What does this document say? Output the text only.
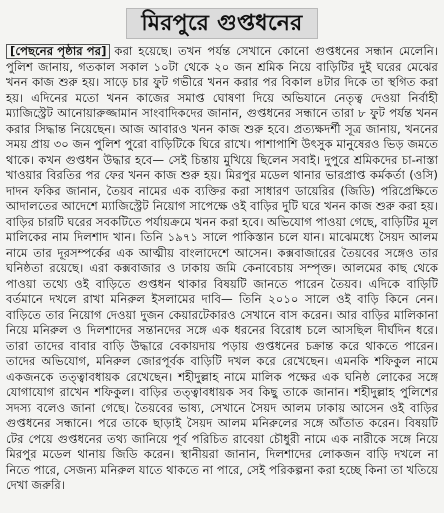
মিরপুরে গুপ্তধনের
[পেছনের পৃষ্ঠার পর] করা হয়েছে। তখন পর্যন্ত সেখানে কোনো গুপ্তধনের সন্ধান মেলেনি। পুলিশ জানায়, গতকাল সকাল ১০টা থেকে ২০ জন শ্রমিক নিয়ে বাড়িটির দুই ঘরের মেঝের খনন কাজ শুরু হয়। সাড়ে চার ফুট গভীরে খনন করার পর বিকাল ৪টার দিকে তা স্থগিত করা হয়। এদিনের মতো খনন কাজের সমাপ্ত ঘোষণা দিয়ে অভিযানে নেতৃত্ব দেওয়া নির্বাহী ম্যাজিস্ট্রেট আনোয়ারুজ্জামান সাংবাদিকদের জানান, গুপ্তধনের সন্ধানে তারা ৮ ফুট পর্যন্ত খনন করার সিদ্ধান্ত নিয়েছেন। আজ আবারও খনন কাজ শুরু হবে। প্রত্যক্ষদর্শী সূত্র জানায়, খননের সময় প্রায় ৩০ জন পুলিশ পুরো বাড়িটিকে ঘিরে রাখে। পাশাপাশি উৎসুক মানুষেরও ভিড় জমতে থাকে। কখন গুপ্তধন উদ্ধার হবে— সেই চিন্তায় মুখিয়ে ছিলেন সবাই। দুপুরে শ্রমিকদের চা-নাস্তা খাওয়ার বিরতির পর ফের খনন কাজ শুরু হয়। মিরপুর মডেল থানার ভারপ্রাপ্ত কর্মকর্তা (ওসি) দাদন ফকির জানান, তৈয়ব নামের এক ব্যক্তির করা সাধারণ ডায়েরির (জিডি) পরিপ্রেক্ষিতে আদালতের আদেশে ম্যাজিস্ট্রেট নিয়োগ সাপেক্ষে ওই বাড়ির দুটি ঘরে খনন কাজ শুরু করা হয়। বাড়ির চারটি ঘরের সবকটিতে পর্যায়ক্রমে খনন করা হবে। অভিযোগ পাওয়া গেছে, বাড়িটির মূল মালিকের নাম দিলশাদ খান। তিনি ১৯৭১ সালে পাকিস্তান চলে যান। মাঝেমধ্যে সৈয়দ আলম নামে তার দূরসম্পর্কের এক আত্মীয় বাংলাদেশে আসেন। কক্সবাজারের তৈয়বের সঙ্গেও তার ঘনিষ্ঠতা রয়েছে। এরা কক্সবাজার ও ঢাকায় জমি কেনাবেচায় সম্পৃক্ত। আলমের কাছ থেকে পাওয়া তথ্যে ওই বাড়িতে গুপ্তধন থাকার বিষয়টি জানতে পারেন তৈয়ব। এদিকে বাড়িটি বর্তমানে দখলে রাখা মনিরুল ইসলামের দাবি— তিনি ২০১০ সালে ওই বাড়ি কিনে নেন। বাড়িতে তার নিয়োগ দেওয়া দুজন কেয়ারটেকারও সেখানে বাস করেন। আর বাড়ির মালিকানা নিয়ে মনিরুল ও দিলশাদের সন্তানদের সঙ্গে এক ধরনের বিরোধ চলে আসছিল দীর্ঘদিন ধরে। তারা তাদের বাবার বাড়ি উদ্ধারে বেকায়দায় পড়ায় গুপ্তধনের চক্রান্ত করে থাকতে পারেন। তাদের অভিযোগ, মনিরুল জোরপূর্বক বাড়িটি দখল করে রেখেছেন। এমনকি শফিকুল নামে একজনকে তত্ত্বাবধায়ক রেখেছেন। শহীদুল্লাহ নামে মালিক পক্ষের এক ঘনিষ্ঠ লোকের সঙ্গে যোগাযোগ রাখেন শফিকুল। বাড়ির তত্ত্বাবধায়ক সব কিছু তাকে জানান। শহীদুল্লাহ পুলিশের সদস্য বলেও জানা গেছে। তৈয়বের ভাষ্য, সেখানে সৈয়দ আলম ঢাকায় আসেন ওই বাড়ির গুপ্তধনের সন্ধানে। পরে তাকে ছাড়াই সৈয়দ আলম মনিরুলের সঙ্গে আঁতাত করেন। বিষয়টি টের পেয়ে গুপ্তধনের তথ্য জানিয়ে পূর্ব পরিচিত রাবেয়া চৌধুরী নামে এক নারীকে সঙ্গে নিয়ে মিরপুর মডেল থানায় জিডি করেন। স্থানীয়রা জানান, দিলশাদের লোকজন বাড়ি দখলে না নিতে পারে, সেজন্য মনিরুল যাতে থাকতে না পারে, সেই পরিকল্পনা করা হচ্ছে কিনা তা খতিয়ে দেখা জরুরি।
